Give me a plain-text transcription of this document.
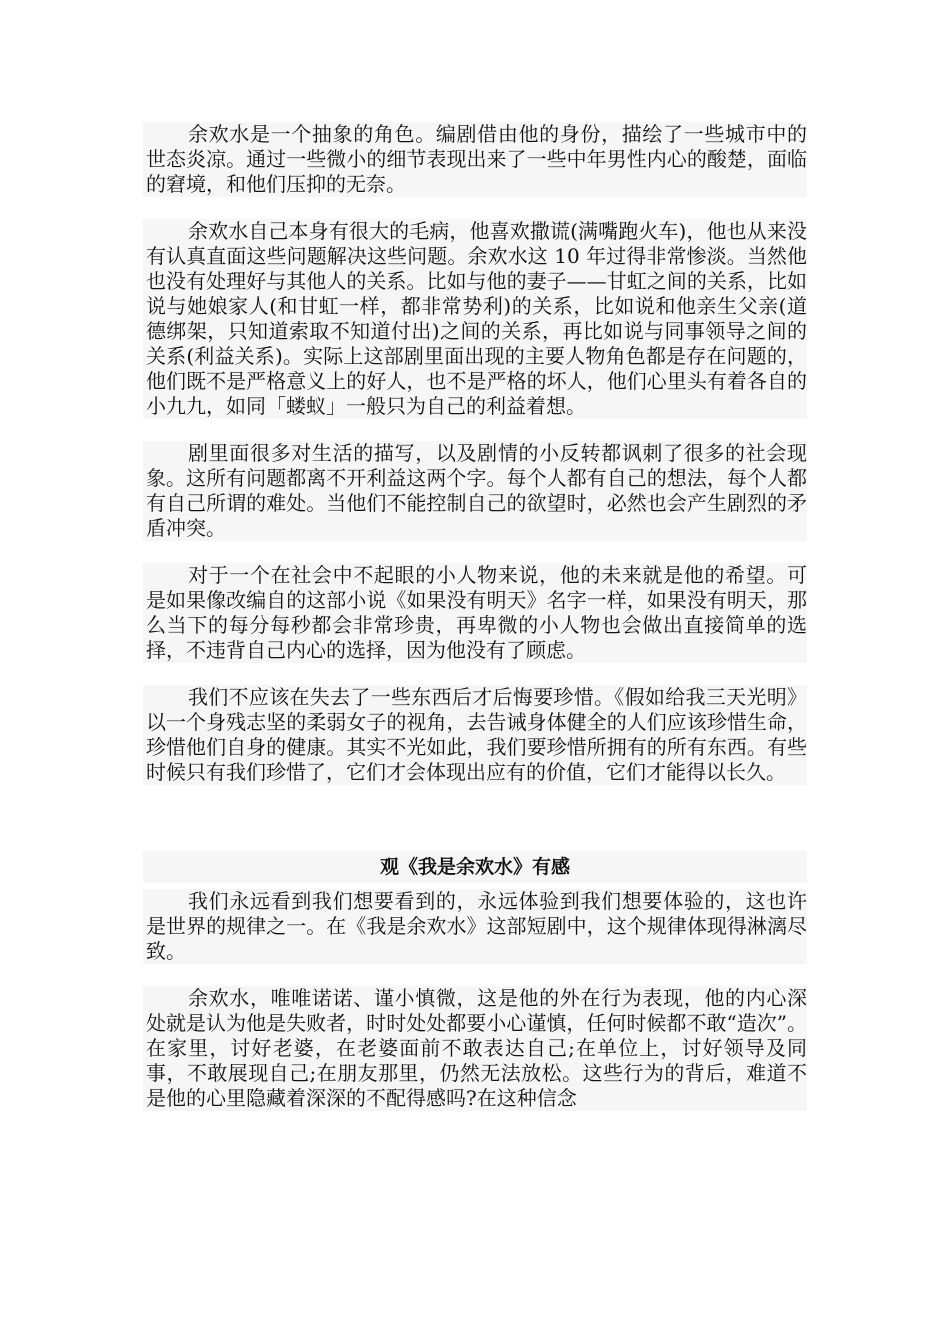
余欢水是一个抽象的角色。编剧借由他的身份，描绘了一些城市中的世态炎凉。通过一些微小的细节表现出来了一些中年男性内心的酸楚，面临的窘境，和他们压抑的无奈。

余欢水自己本身有很大的毛病，他喜欢撒谎(满嘴跑火车)，他也从来没有认真直面这些问题解决这些问题。余欢水这 10 年过得非常惨淡。当然他也没有处理好与其他人的关系。比如与他的妻子——甘虹之间的关系，比如说与她娘家人(和甘虹一样，都非常势利)的关系，比如说和他亲生父亲(道德绑架，只知道索取不知道付出)之间的关系，再比如说与同事领导之间的关系(利益关系)。实际上这部剧里面出现的主要人物角色都是存在问题的，他们既不是严格意义上的好人，也不是严格的坏人，他们心里头有着各自的小九九，如同「蝼蚁」一般只为自己的利益着想。

剧里面很多对生活的描写，以及剧情的小反转都讽刺了很多的社会现象。这所有问题都离不开利益这两个字。每个人都有自己的想法，每个人都有自己所谓的难处。当他们不能控制自己的欲望时，必然也会产生剧烈的矛盾冲突。

对于一个在社会中不起眼的小人物来说，他的未来就是他的希望。可是如果像改编自的这部小说《如果没有明天》名字一样，如果没有明天，那么当下的每分每秒都会非常珍贵，再卑微的小人物也会做出直接简单的选择，不违背自己内心的选择，因为他没有了顾虑。

我们不应该在失去了一些东西后才后悔要珍惜。《假如给我三天光明》以一个身残志坚的柔弱女子的视角，去告诫身体健全的人们应该珍惜生命，珍惜他们自身的健康。其实不光如此，我们要珍惜所拥有的所有东西。有些时候只有我们珍惜了，它们才会体现出应有的价值，它们才能得以长久。

观《我是余欢水》有感

我们永远看到我们想要看到的，永远体验到我们想要体验的，这也许是世界的规律之一。在《我是余欢水》这部短剧中，这个规律体现得淋漓尽致。

余欢水，唯唯诺诺、谨小慎微，这是他的外在行为表现，他的内心深处就是认为他是失败者，时时处处都要小心谨慎，任何时候都不敢“造次”。在家里，讨好老婆，在老婆面前不敢表达自己;在单位上，讨好领导及同事，不敢展现自己;在朋友那里，仍然无法放松。这些行为的背后，难道不是他的心里隐藏着深深的不配得感吗?在这种信念
